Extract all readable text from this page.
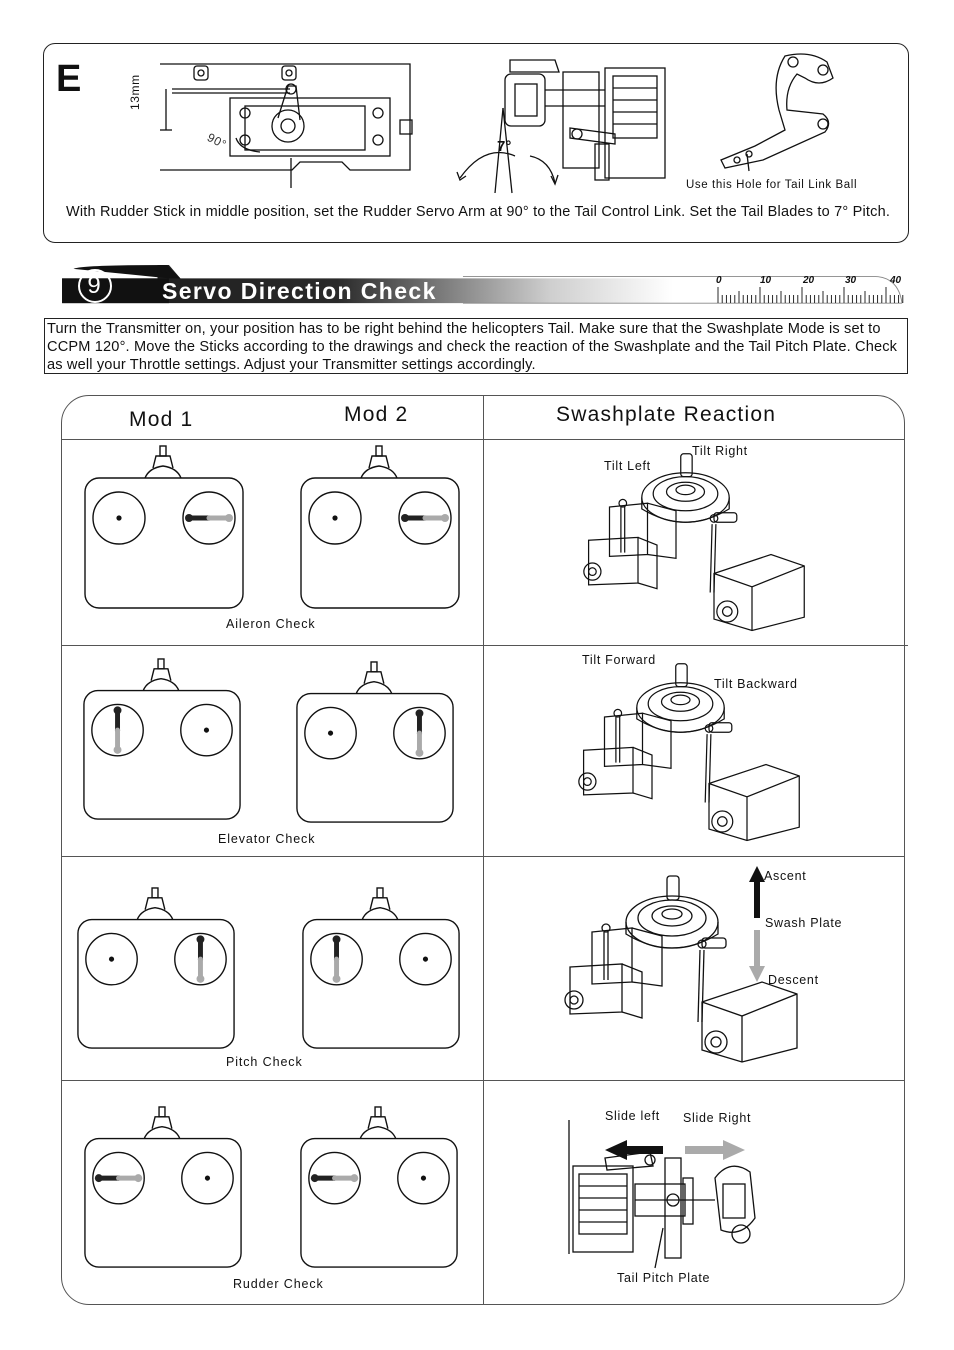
E
With Rudder Stick in middle position, set the Rudder Servo Arm at 90° to the Tail Control Link. Set the Tail Blades to 7° Pitch.
13mm
90°	7°
Use this Hole for Tail Link Ball
0	10	20	30	40
9	Servo Direction Check
Turn the Transmitter on, your position has to be right behind the helicopters Tail. Make sure that the Swashplate Mode is set to CCPM 120°. Move the Sticks according to the drawings and check the reaction of the Swashplate and the Tail Pitch Plate. Check as well your Throttle settings. Adjust your Transmitter settings accordingly.
Mod 1	Mod 2	Swashplate Reaction
Aileron Check
Elevator Check
Pitch Check
Rudder Check
Tilt Left
Tilt Right
Tilt Forward
Tilt Backward
Ascent
Swash Plate
Descent
Slide left Slide Right
Tail Pitch Plate
